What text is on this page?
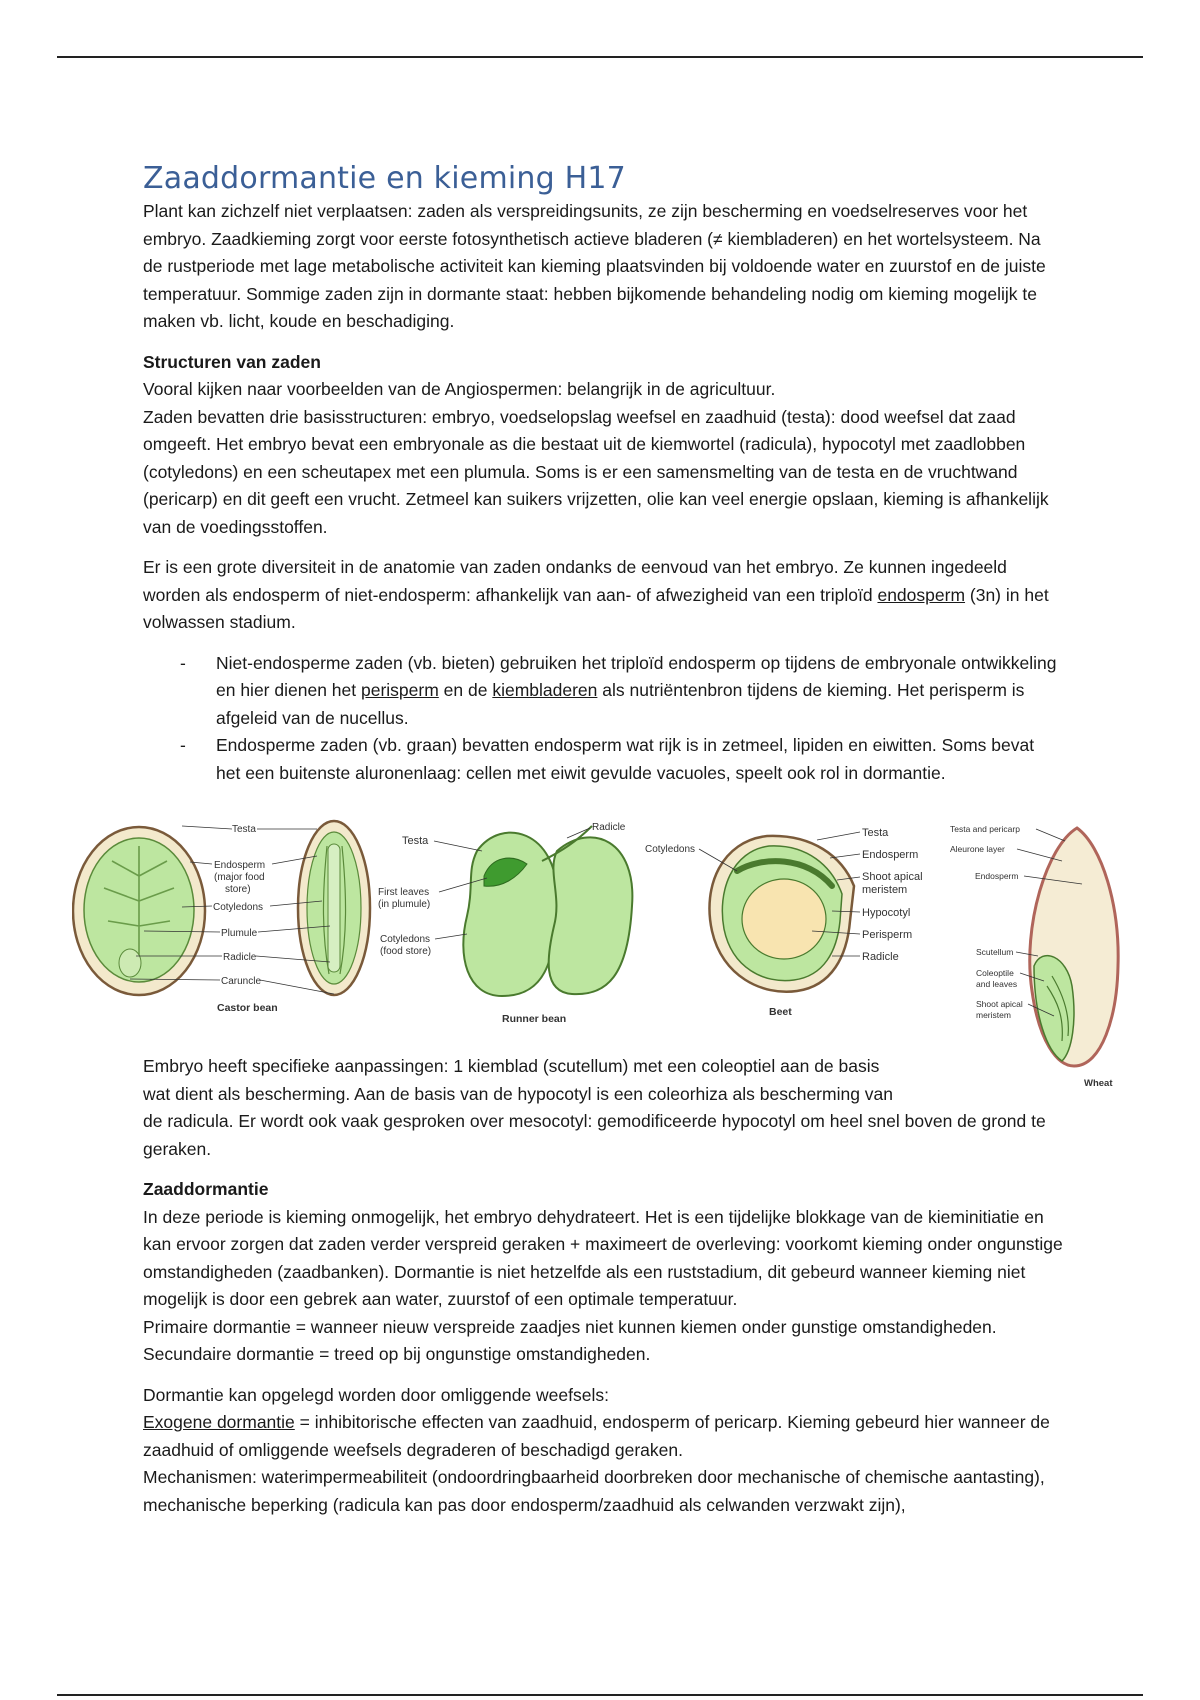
Zaaddormantie en kieming H17

Plant kan zichzelf niet verplaatsen: zaden als verspreidingsunits, ze zijn bescherming en voedselreserves voor het embryo. Zaadkieming zorgt voor eerste fotosynthetisch actieve bladeren (≠ kiembladeren) en het wortelsysteem. Na de rustperiode met lage metabolische activiteit kan kieming plaatsvinden bij voldoende water en zuurstof en de juiste temperatuur. Sommige zaden zijn in dormante staat: hebben bijkomende behandeling nodig om kieming mogelijk te maken vb. licht, koude en beschadiging.

Structuren van zaden

Vooral kijken naar voorbeelden van de Angiospermen: belangrijk in de agricultuur.

Zaden bevatten drie basisstructuren: embryo, voedselopslag weefsel en zaadhuid (testa): dood weefsel dat zaad omgeeft. Het embryo bevat een embryonale as die bestaat uit de kiemwortel (radicula), hypocotyl met zaadlobben (cotyledons) en een scheutapex met een plumula. Soms is er een samensmelting van de testa en de vruchtwand (pericarp) en dit geeft een vrucht. Zetmeel kan suikers vrijzetten, olie kan veel energie opslaan, kieming is afhankelijk van de voedingsstoffen.

Er is een grote diversiteit in de anatomie van zaden ondanks de eenvoud van het embryo. Ze kunnen ingedeeld worden als endosperm of niet-endosperm: afhankelijk van aan- of afwezigheid van een triploïd endosperm (3n) in het volwassen stadium.

- Niet-endosperme zaden (vb. bieten) gebruiken het triploïd endosperm op tijdens de embryonale ontwikkeling en hier dienen het perisperm en de kiembladeren als nutriëntenbron tijdens de kieming. Het perisperm is afgeleid van de nucellus.
- Endosperme zaden (vb. graan) bevatten endosperm wat rijk is in zetmeel, lipiden en eiwitten. Soms bevat het een buitenste aluronenlaag: cellen met eiwit gevulde vacuoles, speelt ook rol in dormantie.
Testa
Endosperm
(major food
store)
Cotyledons
Plumule
Radicle
Caruncle
Castor bean
Testa
Radicle
First leaves
(in plumule)
Cotyledons
(food store)
Runner bean
Cotyledons
Testa
Endosperm
Shoot apical
meristem
Hypocotyl
Perisperm
Radicle
Beet
Testa and pericarp
Aleurone layer
Endosperm
Scutellum
Coleoptile
and leaves
Shoot apical
meristem
Wheat

Embryo heeft specifieke aanpassingen: 1 kiemblad (scutellum) met een coleoptiel aan de basis

wat dient als bescherming. Aan de basis van de hypocotyl is een coleorhiza als bescherming van

de radicula. Er wordt ook vaak gesproken over mesocotyl: gemodificeerde hypocotyl om heel snel boven de grond te geraken.

Zaaddormantie

In deze periode is kieming onmogelijk, het embryo dehydrateert. Het is een tijdelijke blokkage van de kieminitiatie en kan ervoor zorgen dat zaden verder verspreid geraken + maximeert de overleving: voorkomt kieming onder ongunstige omstandigheden (zaadbanken). Dormantie is niet hetzelfde als een ruststadium, dit gebeurd wanneer kieming niet mogelijk is door een gebrek aan water, zuurstof of een optimale temperatuur.

Primaire dormantie = wanneer nieuw verspreide zaadjes niet kunnen kiemen onder gunstige omstandigheden.

Secundaire dormantie = treed op bij ongunstige omstandigheden.

Dormantie kan opgelegd worden door omliggende weefsels:

Exogene dormantie = inhibitorische effecten van zaadhuid, endosperm of pericarp. Kieming gebeurd hier wanneer de zaadhuid of omliggende weefsels degraderen of beschadigd geraken.

Mechanismen: waterimpermeabiliteit (ondoordringbaarheid doorbreken door mechanische of chemische aantasting), mechanische beperking (radicula kan pas door endosperm/zaadhuid als celwanden verzwakt zijn),
